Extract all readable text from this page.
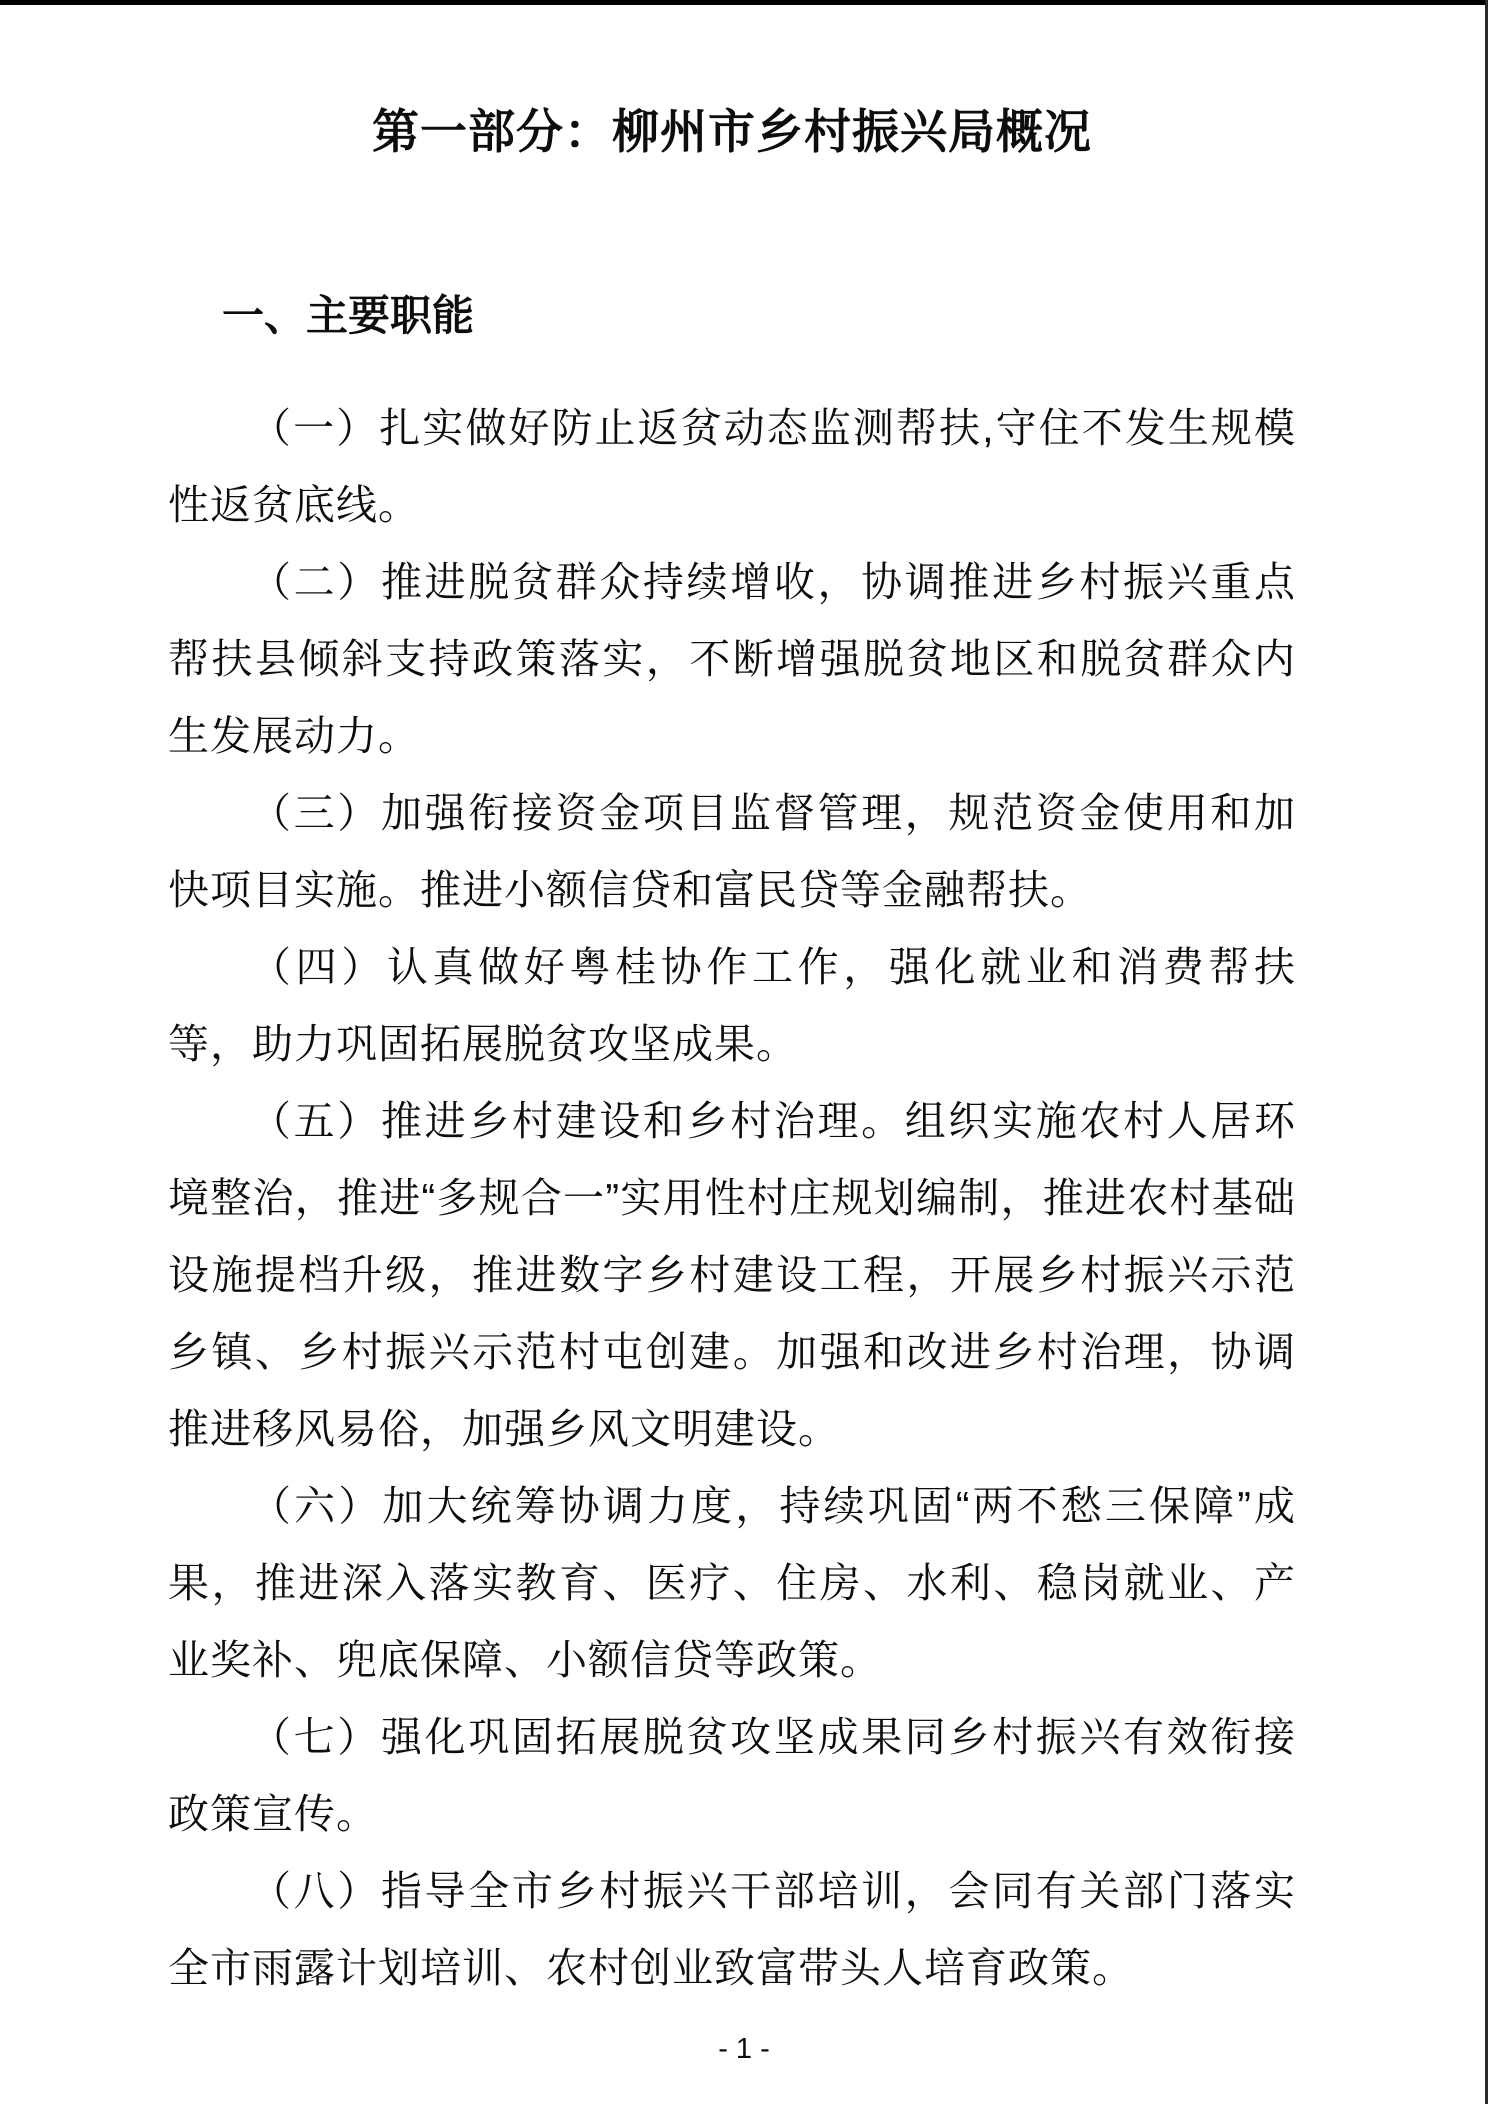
第一部分：柳州市乡村振兴局概况
一、主要职能

（一）扎实做好防止返贫动态监测帮扶,守住不发生规模性返贫底线。

（二）推进脱贫群众持续增收，协调推进乡村振兴重点帮扶县倾斜支持政策落实，不断增强脱贫地区和脱贫群众内生发展动力。

（三）加强衔接资金项目监督管理，规范资金使用和加快项目实施。推进小额信贷和富民贷等金融帮扶。

（四）认真做好粤桂协作工作，强化就业和消费帮扶等，助力巩固拓展脱贫攻坚成果。

（五）推进乡村建设和乡村治理。组织实施农村人居环境整治，推进“多规合一”实用性村庄规划编制，推进农村基础设施提档升级，推进数字乡村建设工程，开展乡村振兴示范乡镇、乡村振兴示范村屯创建。加强和改进乡村治理，协调推进移风易俗，加强乡风文明建设。

（六）加大统筹协调力度，持续巩固“两不愁三保障”成果，推进深入落实教育、医疗、住房、水利、稳岗就业、产业奖补、兜底保障、小额信贷等政策。

（七）强化巩固拓展脱贫攻坚成果同乡村振兴有效衔接政策宣传。

（八）指导全市乡村振兴干部培训，会同有关部门落实全市雨露计划培训、农村创业致富带头人培育政策。

- 1 -
